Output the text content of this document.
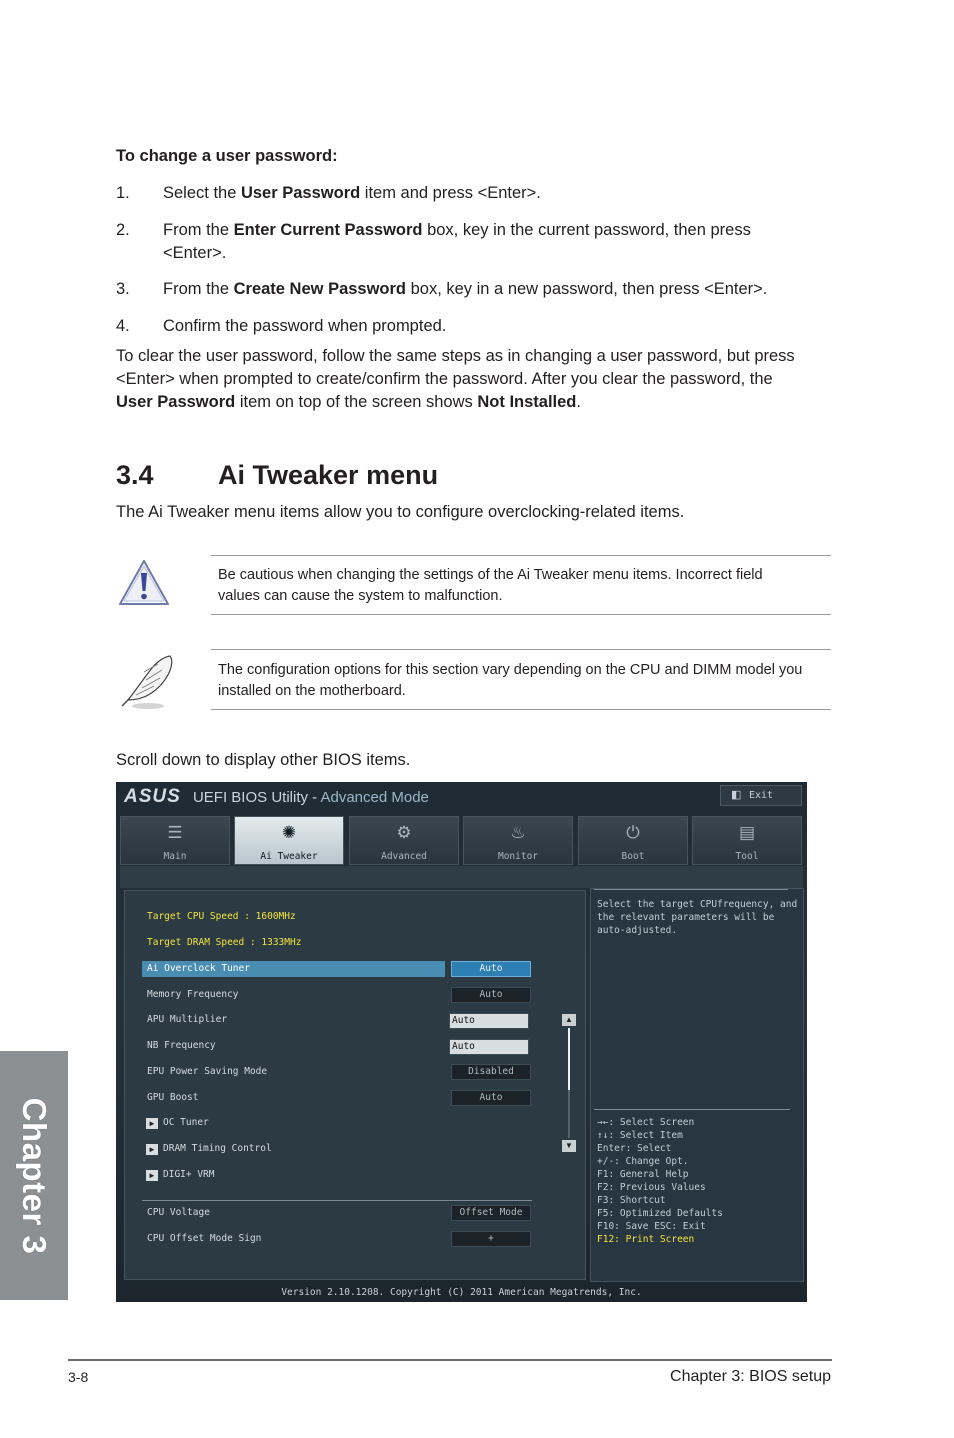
To change a user password:
1. Select the User Password item and press <Enter>.
2. From the Enter Current Password box, key in the current password, then press
<Enter>.
3. From the Create New Password box, key in a new password, then press <Enter>.
4. Confirm the password when prompted.
To clear the user password, follow the same steps as in changing a user password, but press
<Enter> when prompted to create/confirm the password. After you clear the password, the
User Password item on top of the screen shows Not Installed.
3.4 Ai Tweaker menu
The Ai Tweaker menu items allow you to configure overclocking-related items.
Be cautious when changing the settings of the Ai Tweaker menu items. Incorrect field
values can cause the system to malfunction.
The configuration options for this section vary depending on the CPU and DIMM model you
installed on the motherboard.
Scroll down to display other BIOS items.
ASUS UEFI BIOS Utility - Advanced Mode	◧ Exit
☰
Main
✺
Ai Tweaker
⚙
Advanced
♨
Monitor
⏻
Boot
▤
Tool
Target CPU Speed : 1600MHz
Target DRAM Speed : 1333MHz
Ai Overclock Tuner	Auto
Memory Frequency	Auto
APU Multiplier	Auto
NB Frequency	Auto
EPU Power Saving Mode	Disabled
GPU Boost	Auto
► OC Tuner
► DRAM Timing Control
► DIGI+ VRM
CPU Voltage	Offset Mode
CPU Offset Mode Sign	+
▲
▼
Select the target CPUfrequency, and
the relevant parameters will be
auto-adjusted.
→←: Select Screen
↑↓: Select Item
Enter: Select
+/-: Change Opt.
F1: General Help
F2: Previous Values
F3: Shortcut
F5: Optimized Defaults
F10: Save ESC: Exit
F12: Print Screen
Version 2.10.1208. Copyright (C) 2011 American Megatrends, Inc.
Chapter 3
3-8	Chapter 3: BIOS setup
